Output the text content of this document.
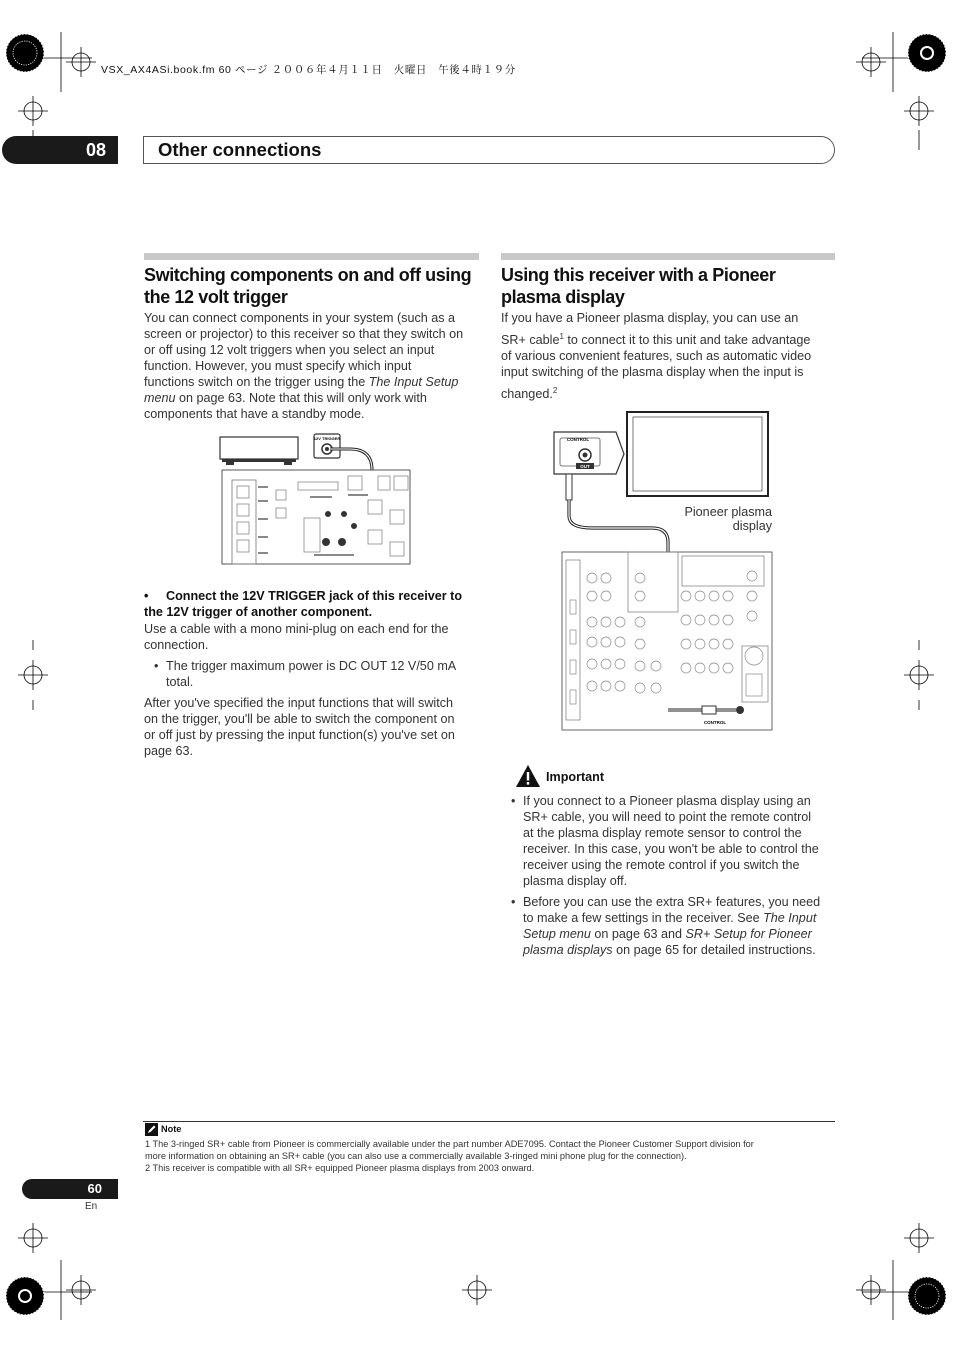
VSX_AX4ASi.book.fm 60 ページ ２００６年４月１１日　火曜日　午後４時１９分
08	Other connections
Switching components on and off using
the 12 volt trigger

You can connect components in your system (such as a

screen or projector) to this receiver so that they switch on

or off using 12 volt triggers when you select an input

function. However, you must specify which input

functions switch on the trigger using the The Input Setup

menu on page 63. Note that this will only work with

components that have a standby mode.

12V TRIGGER
• Connect the 12V TRIGGER jack of this receiver to
the 12V trigger of another component.

Use a cable with a mono mini-plug on each end for the

connection.

• The trigger maximum power is DC OUT 12 V/50 mA
total.

After you've specified the input functions that will switch

on the trigger, you'll be able to switch the component on

or off just by pressing the input function(s) you've set on

page 63.

Using this receiver with a Pioneer
plasma display

If you have a Pioneer plasma display, you can use an

SR+ cable$^1$ to connect it to this unit and take advantage

of various convenient features, such as automatic video

input switching of the plasma display when the input is

changed.$^2$

CONTROL
OUT
CONTROL
Pioneer plasma
display
Important
• If you connect to a Pioneer plasma display using an
SR+ cable, you will need to point the remote control
at the plasma display remote sensor to control the
receiver. In this case, you won't be able to control the
receiver using the remote control if you switch the
plasma display off.
• Before you can use the extra SR+ features, you need
to make a few settings in the receiver. See The Input
Setup menu on page 63 and SR+ Setup for Pioneer
plasma displays on page 65 for detailed instructions.
Note
1 The 3-ringed SR+ cable from Pioneer is commercially available under the part number ADE7095. Contact the Pioneer Customer Support division for
more information on obtaining an SR+ cable (you can also use a commercially available 3-ringed mini phone plug for the connection).
2 This receiver is compatible with all SR+ equipped Pioneer plasma displays from 2003 onward.
60
En
